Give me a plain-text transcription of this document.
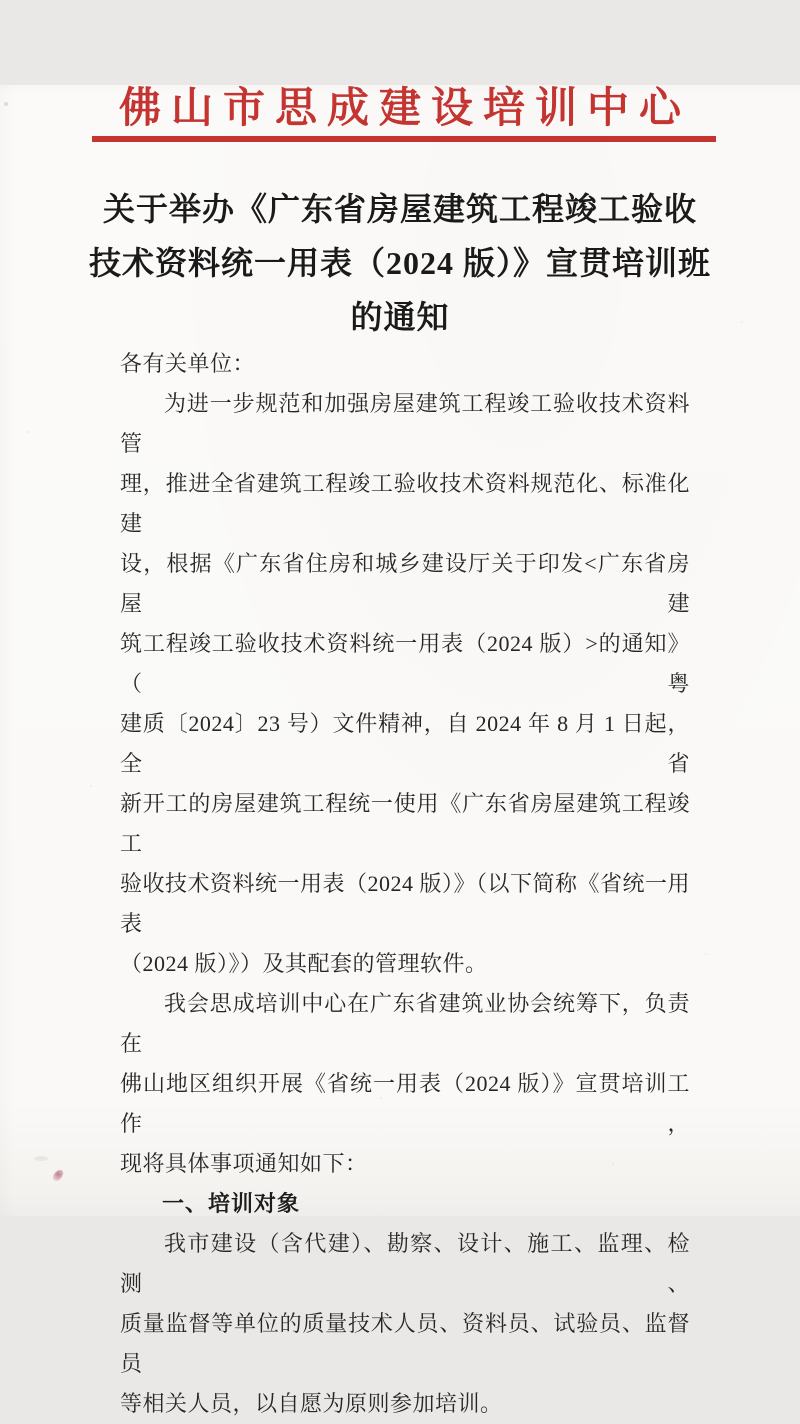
佛山市思成建设培训中心
关于举办《广东省房屋建筑工程竣工验收
技术资料统一用表（2024 版）》宣贯培训班
的通知
各有关单位：
为进一步规范和加强房屋建筑工程竣工验收技术资料管
理，推进全省建筑工程竣工验收技术资料规范化、标准化建
设，根据《广东省住房和城乡建设厅关于印发<广东省房屋建
筑工程竣工验收技术资料统一用表（2024 版）>的通知》（粤
建质〔2024〕23 号）文件精神，自 2024 年 8 月 1 日起，全省
新开工的房屋建筑工程统一使用《广东省房屋建筑工程竣工
验收技术资料统一用表（2024 版）》（以下简称《省统一用表
（2024 版）》）及其配套的管理软件。
我会思成培训中心在广东省建筑业协会统筹下，负责在
佛山地区组织开展《省统一用表（2024 版）》宣贯培训工作，
现将具体事项通知如下：
一、培训对象
我市建设（含代建）、勘察、设计、施工、监理、检测、
质量监督等单位的质量技术人员、资料员、试验员、监督员
等相关人员，以自愿为原则参加培训。
